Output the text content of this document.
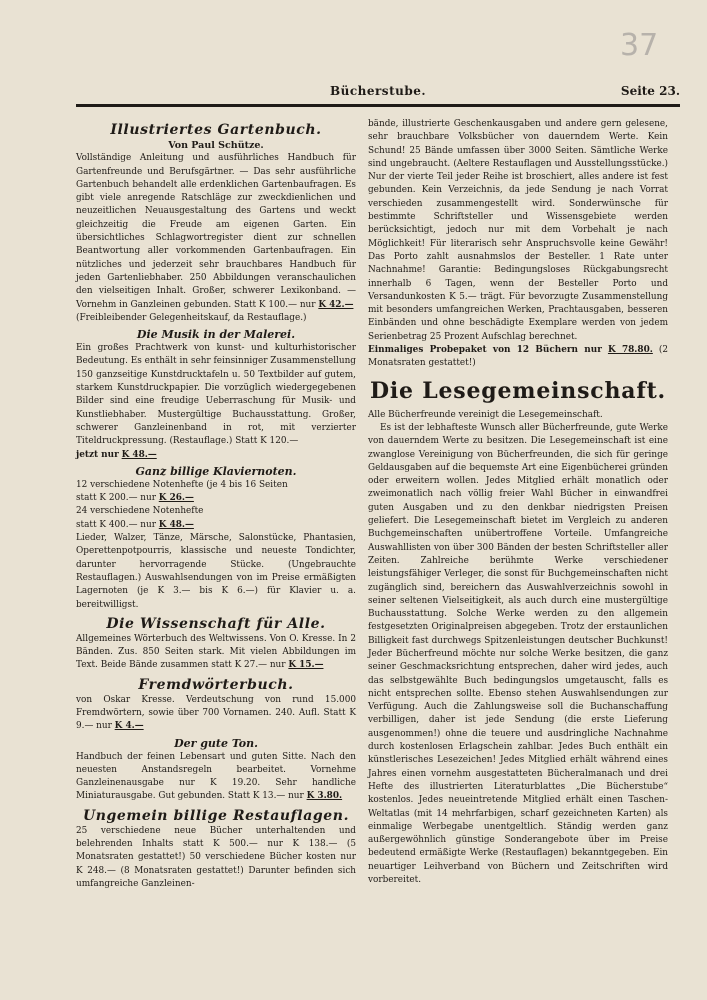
37
Bücherstube.	Seite 23.
Illustriertes Gartenbuch.
Von Paul Schütze.

Vollständige Anleitung und ausführliches Handbuch für Gartenfreunde und Berufsgärtner. — Das sehr ausführliche Gartenbuch behandelt alle erdenklichen Gartenbaufragen. Es gibt viele anregende Ratschläge zur zweckdienlichen und neuzeitlichen Neuausgestaltung des Gartens und weckt gleichzeitig die Freude am eigenen Garten. Ein übersichtliches Schlagwortregister dient zur schnellen Beantwortung aller vorkommenden Gartenbaufragen. Ein nützliches und jederzeit sehr brauchbares Handbuch für jeden Gartenliebhaber. 250 Abbildungen veranschaulichen den vielseitigen Inhalt. Großer, schwerer Lexikonband. — Vornehm in Ganzleinen gebunden. Statt K 100.— nur K 42.—

(Freibleibender Gelegenheitskauf, da Restauflage.)

Die Musik in der Malerei.

Ein großes Prachtwerk von kunst- und kulturhistorischer Bedeutung. Es enthält in sehr feinsinniger Zusammenstellung 150 ganzseitige Kunstdrucktafeln u. 50 Textbilder auf gutem, starkem Kunstdruckpapier. Die vorzüglich wiedergegebenen Bilder sind eine freudige Ueberraschung für Musik- und Kunstliebhaber. Mustergültige Buchausstattung. Großer, schwerer Ganzleinenband in rot, mit verzierter Titeldruckpressung. (Restauflage.) Statt K 120.—

jetzt nur K 48.—

Ganz billige Klaviernoten.

12 verschiedene Notenhefte (je 4 bis 16 Seiten

statt K 200.— nur K 26.—

24 verschiedene Notenhefte

statt K 400.— nur K 48.—

Lieder, Walzer, Tänze, Märsche, Salonstücke, Phantasien, Operettenpotpourris, klassische und neueste Tondichter, darunter hervorragende Stücke. (Ungebrauchte Restauflagen.) Auswahlsendungen von im Preise ermäßigten Lagernoten (je K 3.— bis K 6.—) für Klavier u. a. bereitwilligst.

Die Wissenschaft für Alle.

Allgemeines Wörterbuch des Weltwissens. Von O. Kresse. In 2 Bänden. Zus. 850 Seiten stark. Mit vielen Abbildungen im Text. Beide Bände zusammen statt K 27.— nur K 15.—

Fremdwörterbuch.

von Oskar Kresse. Verdeutschung von rund 15.000 Fremdwörtern, sowie über 700 Vornamen. 240. Aufl. Statt K 9.— nur K 4.—

Der gute Ton.

Handbuch der feinen Lebensart und guten Sitte. Nach den neuesten Anstandsregeln bearbeitet. Vornehme Ganzleinenausgabe nur K 19.20. Sehr handliche Miniaturausgabe. Gut gebunden. Statt K 13.— nur K 3.80.

Ungemein billige Restauflagen.

25 verschiedene neue Bücher unterhaltenden und belehrenden Inhalts statt K 500.— nur K 138.— (5 Monatsraten gestattet!) 50 verschiedene Bücher kosten nur K 248.— (8 Monatsraten gestattet!) Darunter befinden sich umfangreiche Ganzleinen-

bände, illustrierte Geschenkausgaben und andere gern gelesene, sehr brauchbare Volksbücher von dauerndem Werte. Kein Schund! 25 Bände umfassen über 3000 Seiten. Sämtliche Werke sind ungebraucht. (Aeltere Restauflagen und Ausstellungsstücke.) Nur der vierte Teil jeder Reihe ist broschiert, alles andere ist fest gebunden. Kein Verzeichnis, da jede Sendung je nach Vorrat verschieden zusammengestellt wird. Sonderwünsche für bestimmte Schriftsteller und Wissensgebiete werden berücksichtigt, jedoch nur mit dem Vorbehalt je nach Möglichkeit! Für literarisch sehr Anspruchsvolle keine Gewähr! Das Porto zahlt ausnahmslos der Besteller. 1 Rate unter Nachnahme! Garantie: Bedingungsloses Rückgabungsrecht innerhalb 6 Tagen, wenn der Besteller Porto und Versandunkosten K 5.— trägt. Für bevorzugte Zusammenstellung mit besonders umfangreichen Werken, Prachtausgaben, besseren Einbänden und ohne beschädigte Exemplare werden von jedem Serienbetrag 25 Prozent Aufschlag berechnet.

Einmaliges Probepaket von 12 Büchern nur K 78.80. (2 Monatsraten gestattet!)

Die Lesegemeinschaft.

Alle Bücherfreunde vereinigt die Lesegemeinschaft.

Es ist der lebhafteste Wunsch aller Bücherfreunde, gute Werke von dauerndem Werte zu besitzen. Die Lesegemeinschaft ist eine zwanglose Vereinigung von Bücherfreunden, die sich für geringe Geldausgaben auf die bequemste Art eine Eigenbücherei gründen oder erweitern wollen. Jedes Mitglied erhält monatlich oder zweimonatlich nach völlig freier Wahl Bücher in einwandfrei guten Ausgaben und zu den denkbar niedrigsten Preisen geliefert. Die Lesegemeinschaft bietet im Vergleich zu anderen Buchgemeinschaften unübertroffene Vorteile. Umfangreiche Auswahllisten von über 300 Bänden der besten Schriftsteller aller Zeiten. Zahlreiche berühmte Werke verschiedener leistungsfähiger Verleger, die sonst für Buchgemeinschaften nicht zugänglich sind, bereichern das Auswahlverzeichnis sowohl in seiner seltenen Vielseitigkeit, als auch durch eine mustergültige Buchausstattung. Solche Werke werden zu den allgemein festgesetzten Originalpreisen abgegeben. Trotz der erstaunlichen Billigkeit fast durchwegs Spitzenleistungen deutscher Buchkunst! Jeder Bücherfreund möchte nur solche Werke besitzen, die ganz seiner Geschmacksrichtung entsprechen, daher wird jedes, auch das selbstgewählte Buch bedingungslos umgetauscht, falls es nicht entsprechen sollte. Ebenso stehen Auswahlsendungen zur Verfügung. Auch die Zahlungsweise soll die Buchanschaffung verbilligen, daher ist jede Sendung (die erste Lieferung ausgenommen!) ohne die teuere und ausdringliche Nachnahme durch kostenlosen Erlagschein zahlbar. Jedes Buch enthält ein künstlerisches Lesezeichen! Jedes Mitglied erhält während eines Jahres einen vornehm ausgestatteten Bücheralmanach und drei Hefte des illustrierten Literaturblattes „Die Bücherstube“ kostenlos. Jedes neueintretende Mitglied erhält einen Taschen-Weltatlas (mit 14 mehrfarbigen, scharf gezeichneten Karten) als einmalige Werbegabe unentgeltlich. Ständig werden ganz außergewöhnlich günstige Sonderangebote über im Preise bedeutend ermäßigte Werke (Restauflagen) bekanntgegeben. Ein neuartiger Leihverband von Büchern und Zeitschriften wird vorbereitet.
